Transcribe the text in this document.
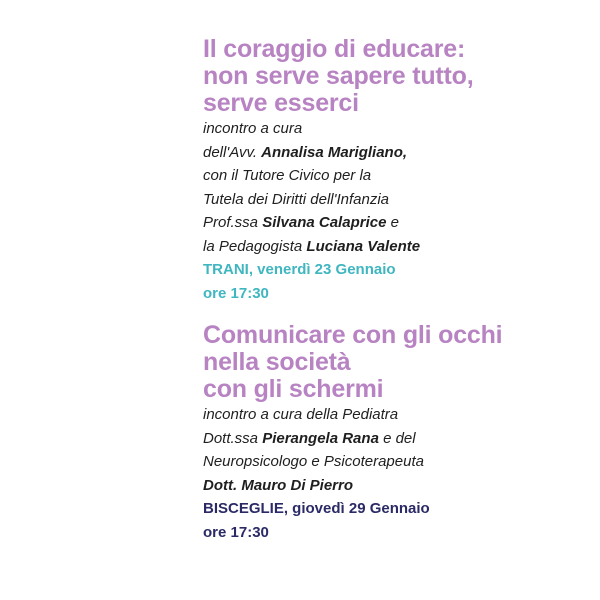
Il coraggio di educare:
non serve sapere tutto,
serve esserci

incontro a cura
dell'Avv. Annalisa Marigliano,
con il Tutore Civico per la
Tutela dei Diritti dell'Infanzia
Prof.ssa Silvana Calaprice e
la Pedagogista Luciana Valente

TRANI, venerdì 23 Gennaio
ore 17:30

Comunicare con gli occhi
nella società
con gli schermi

incontro a cura della Pediatra
Dott.ssa Pierangela Rana e del
Neuropsicologo e Psicoterapeuta
Dott. Mauro Di Pierro

BISCEGLIE, giovedì 29 Gennaio
ore 17:30
